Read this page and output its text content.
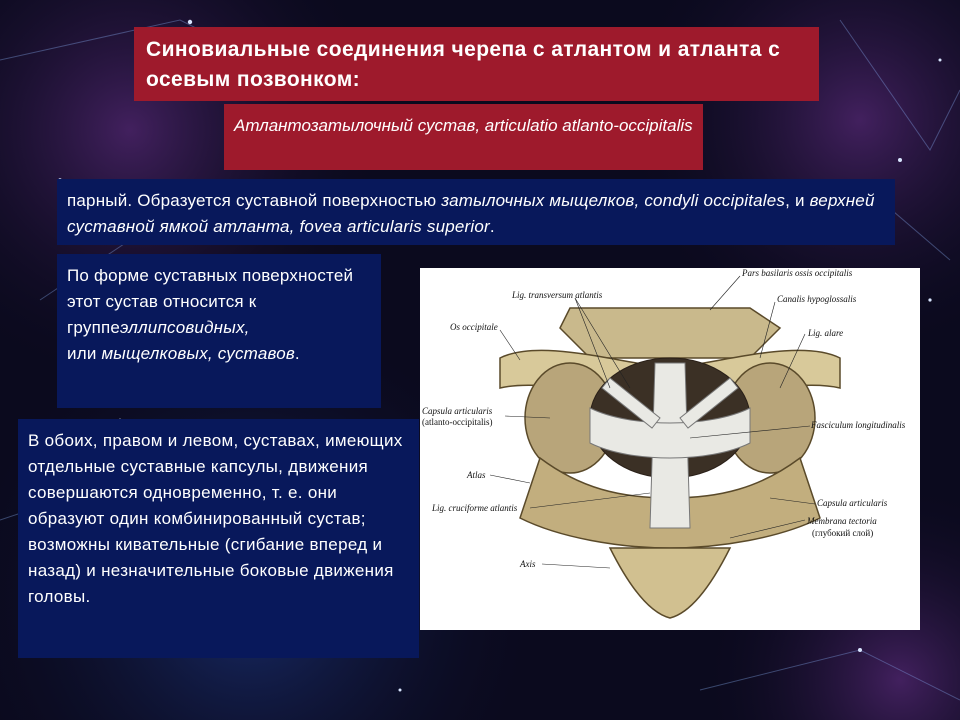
Синовиальные соединения черепа с атлантом и атланта с осевым позвонком:
Атлантозатылочный сустав, articulatio atlanto-occipitalis
парный. Образуется суставной поверхностью затылочных мыщелков, condyli occipitales, и верхней суставной ямкой атланта, fovea articularis superior.
По форме суставных поверхностей этот сустав относится к группеэллипсовидных,
или мыщелковых, суставов.
В обоих, правом и левом, суставах, имеющих отдельные суставные капсулы, движения совершаются одновременно, т. е. они образуют один комбинированный сустав; возможны кивательные (сгибание вперед и назад) и незначительные боковые движения головы.
Pars basilaris ossis occipitalis
Lig. transversum atlantis	Canalis hypoglossalis
Os occipitale
Lig. alare
Capsula articularis
(atlanto-occipitalis)	Fasciculum longitudinalis
Atlas
Lig. cruciforme atlantis	Capsula articularis
Membrana tectoria
(глубокий слой)
Axis
